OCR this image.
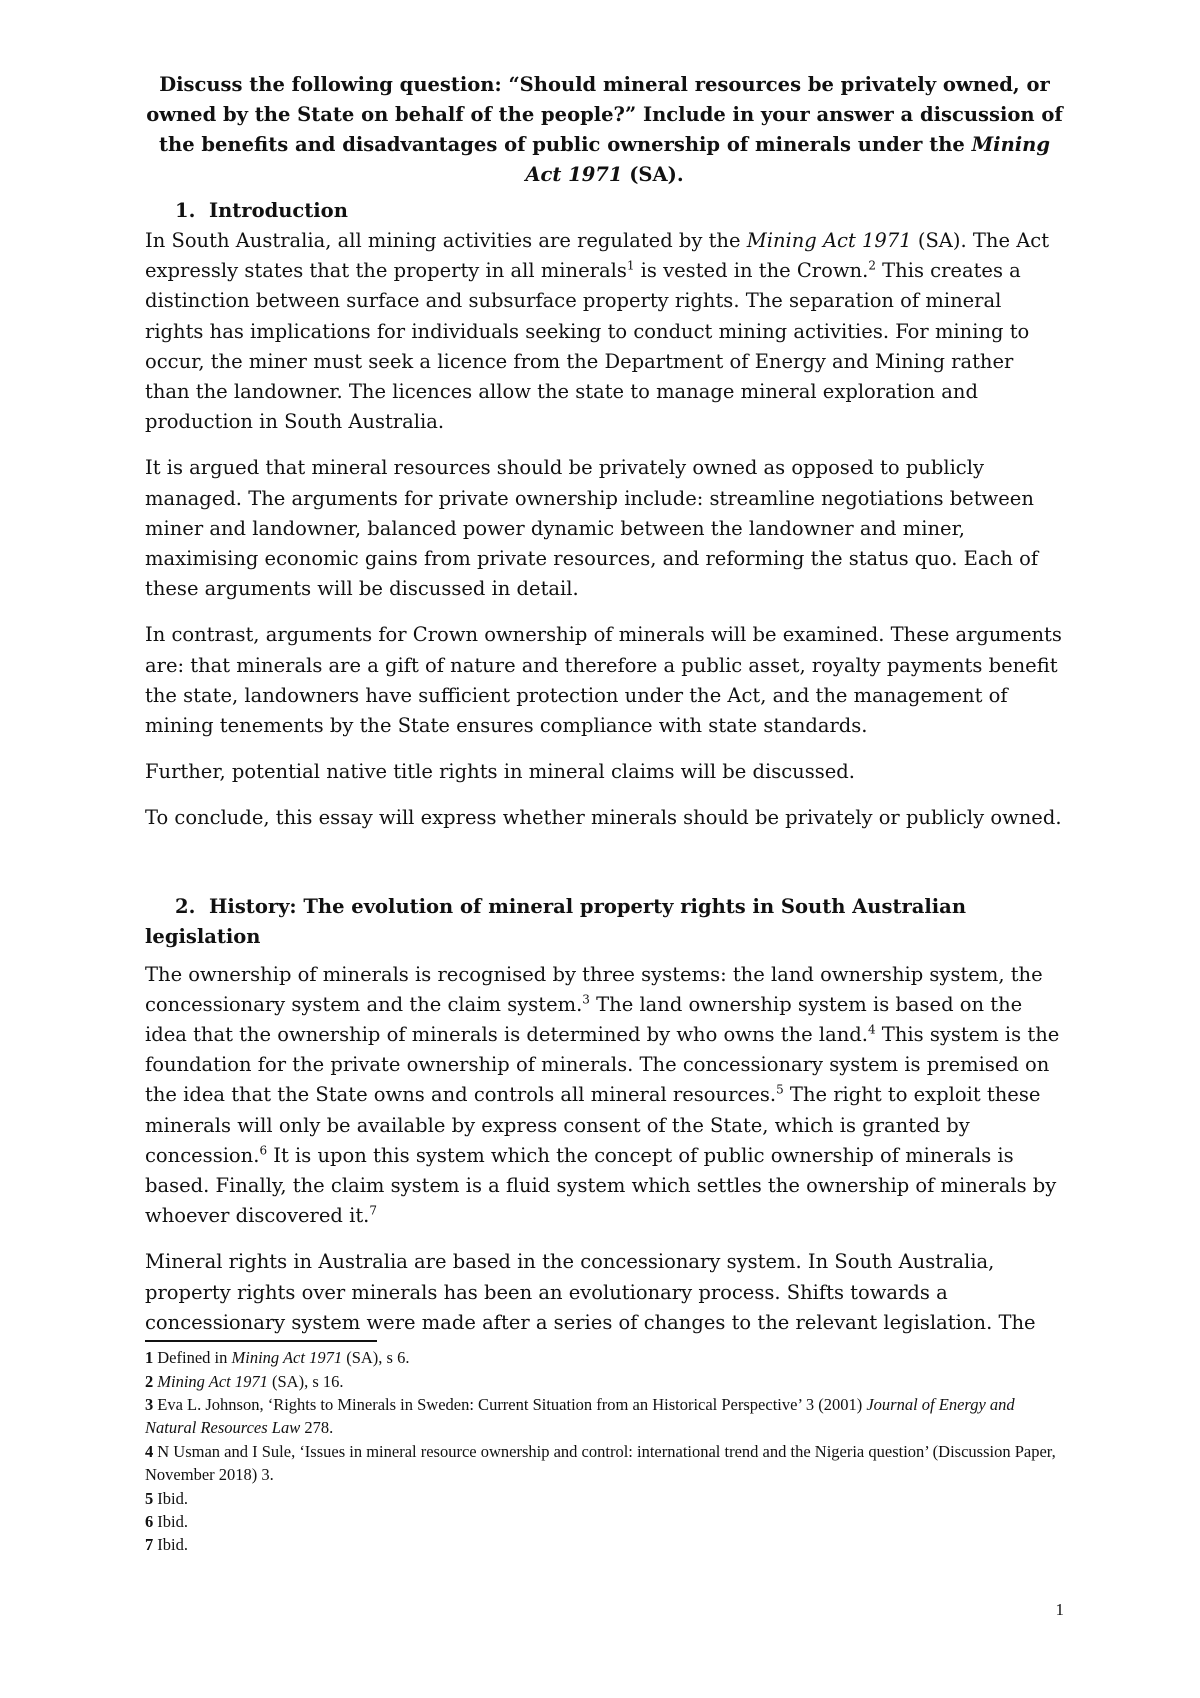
Discuss the following question: “Should mineral resources be privately owned, or owned by the State on behalf of the people?” Include in your answer a discussion of the benefits and disadvantages of public ownership of minerals under the Mining Act 1971 (SA).

1. Introduction

In South Australia, all mining activities are regulated by the Mining Act 1971 (SA). The Act expressly states that the property in all minerals$^1$ is vested in the Crown.$^2$ This creates a distinction between surface and subsurface property rights. The separation of mineral rights has implications for individuals seeking to conduct mining activities. For mining to occur, the miner must seek a licence from the Department of Energy and Mining rather than the landowner. The licences allow the state to manage mineral exploration and production in South Australia.

It is argued that mineral resources should be privately owned as opposed to publicly managed. The arguments for private ownership include: streamline negotiations between miner and landowner, balanced power dynamic between the landowner and miner, maximising economic gains from private resources, and reforming the status quo. Each of these arguments will be discussed in detail.

In contrast, arguments for Crown ownership of minerals will be examined. These arguments are: that minerals are a gift of nature and therefore a public asset, royalty payments benefit the state, landowners have sufficient protection under the Act, and the management of mining tenements by the State ensures compliance with state standards.

Further, potential native title rights in mineral claims will be discussed.

To conclude, this essay will express whether minerals should be privately or publicly owned.

2. History: The evolution of mineral property rights in South Australian legislation

The ownership of minerals is recognised by three systems: the land ownership system, the concessionary system and the claim system.$^3$ The land ownership system is based on the idea that the ownership of minerals is determined by who owns the land.$^4$ This system is the foundation for the private ownership of minerals. The concessionary system is premised on the idea that the State owns and controls all mineral resources.$^5$ The right to exploit these minerals will only be available by express consent of the State, which is granted by concession.$^6$ It is upon this system which the concept of public ownership of minerals is based. Finally, the claim system is a fluid system which settles the ownership of minerals by whoever discovered it.$^7$

Mineral rights in Australia are based in the concessionary system. In South Australia, property rights over minerals has been an evolutionary process. Shifts towards a concessionary system were made after a series of changes to the relevant legislation. The

1 Defined in Mining Act 1971 (SA), s 6.

2 Mining Act 1971 (SA), s 16.

3 Eva L. Johnson, ‘Rights to Minerals in Sweden: Current Situation from an Historical Perspective’ 3 (2001) Journal of Energy and Natural Resources Law 278.

4 N Usman and I Sule, ‘Issues in mineral resource ownership and control: international trend and the Nigeria question’ (Discussion Paper, November 2018) 3.

5 Ibid.

6 Ibid.

7 Ibid.

1
